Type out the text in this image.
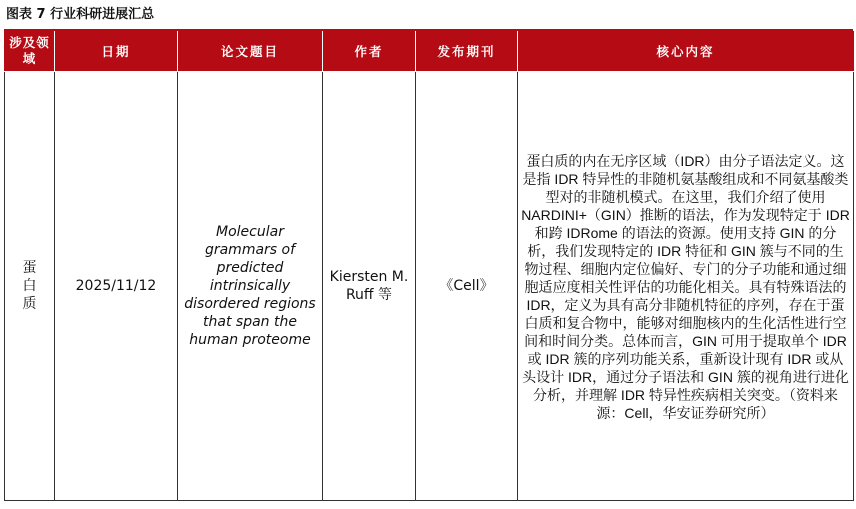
图表 7 行业科研进展汇总
涉及领域	日期	论文题目	作者	发布期刊	核心内容
蛋白质	2025/11/12	Molecular grammars of predicted intrinsically disordered regions that span the human proteome	Kiersten M. Ruff 等	《Cell》	蛋白质的内在无序区域（IDR）由分子语法定义。这是指 IDR 特异性的非随机氨基酸组成和不同氨基酸类型对的非随机模式。在这里，我们介绍了使用 NARDINI+（GIN）推断的语法，作为发现特定于 IDR 和跨 IDRome 的语法的资源。使用支持 GIN 的分析，我们发现特定的 IDR 特征和 GIN 簇与不同的生物过程、细胞内定位偏好、专门的分子功能和通过细胞适应度相关性评估的功能化相关。具有特殊语法的 IDR，定义为具有高分非随机特征的序列，存在于蛋白质和复合物中，能够对细胞核内的生化活性进行空间和时间分类。总体而言，GIN 可用于提取单个 IDR 或 IDR 簇的序列功能关系，重新设计现有 IDR 或从头设计 IDR，通过分子语法和 GIN 簇的视角进行进化分析，并理解 IDR 特异性疾病相关突变。（资料来源：Cell，华安证券研究所）
